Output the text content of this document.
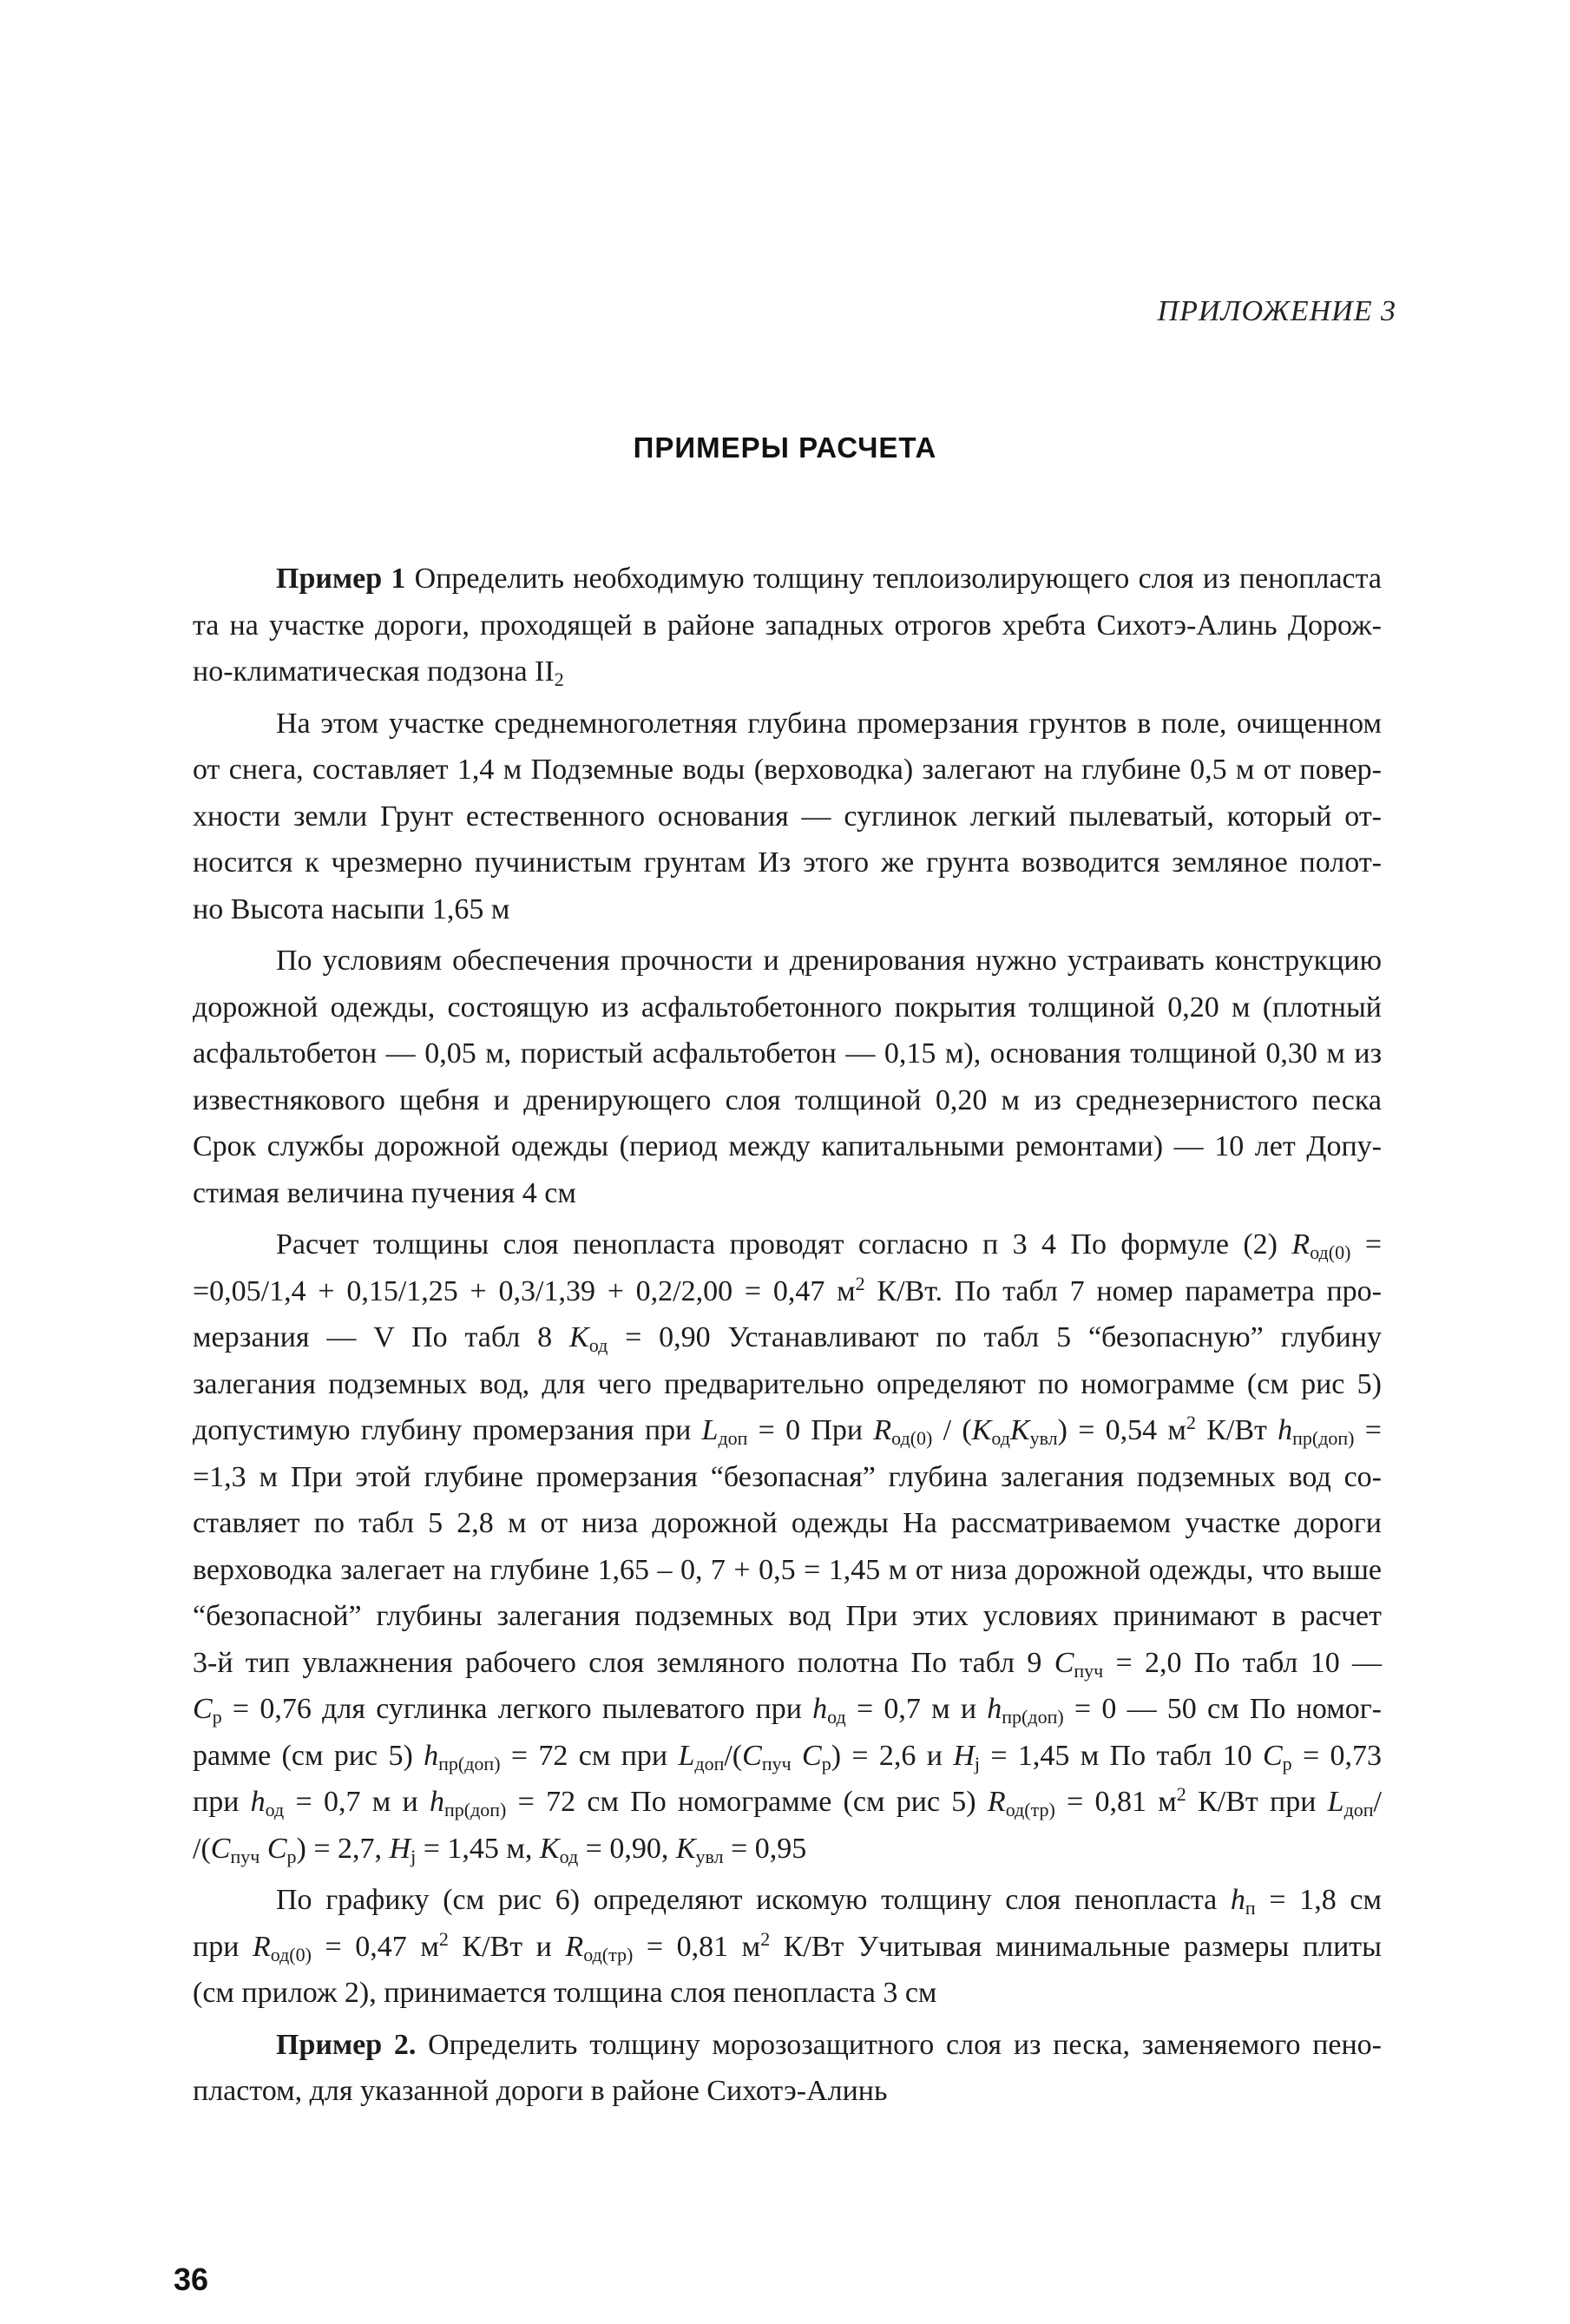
ПРИЛОЖЕНИЕ 3
ПРИМЕРЫ РАСЧЕТА
Пример 1 Определить необходимую толщину теплоизолирующего слоя из пенопласта
та на участке дороги, проходящей в районе западных отрогов хребта Сихотэ-Алинь Дорож-
но-климатическая подзона $II_2$
На этом участке среднемноголетняя глубина промерзания грунтов в поле, очищенном
от снега, составляет 1,4 м Подземные воды (верховодка) залегают на глубине 0,5 м от повер-
хности земли Грунт естественного основания — суглинок легкий пылеватый, который от-
носится к чрезмерно пучинистым грунтам Из этого же грунта возводится земляное полот-
но Высота насыпи 1,65 м
По условиям обеспечения прочности и дренирования нужно устраивать конструкцию
дорожной одежды, состоящую из асфальтобетонного покрытия толщиной 0,20 м (плотный
асфальтобетон — 0,05 м, пористый асфальтобетон — 0,15 м), основания толщиной 0,30 м из
известнякового щебня и дренирующего слоя толщиной 0,20 м из среднезернистого песка
Срок службы дорожной одежды (период между капитальными ремонтами) — 10 лет Допу-
стимая величина пучения 4 см
Расчет толщины слоя пенопласта проводят согласно п 3 4 По формуле (2) $R_{од(0)}$ =
=0,05/1,4 + 0,15/1,25 + 0,3/1,39 + 0,2/2,00 = 0,47 $м^2$ К/Вт. По табл 7 номер параметра про-
мерзания — V По табл 8 $K_{од} = 0,90$ Устанавливают по табл 5 “безопасную” глубину
залегания подземных вод, для чего предварительно определяют по номограмме (см рис 5)
допустимую глубину промерзания при $L_{доп} = 0$ При $R_{од(0)} / (K_{од}K_{увл}) = 0,54$ $м^2$ К/Вт $h_{пр(доп)}$ =
=1,3 м При этой глубине промерзания “безопасная” глубина залегания подземных вод со-
ставляет по табл 5 2,8 м от низа дорожной одежды На рассматриваемом участке дороги
верховодка залегает на глубине 1,65 – 0, 7 + 0,5 = 1,45 м от низа дорожной одежды, что выше
“безопасной” глубины залегания подземных вод При этих условиях принимают в расчет
3-й тип увлажнения рабочего слоя земляного полотна По табл 9 $C_{пуч} = 2,0$ По табл 10 —
$C_р = 0,76$ для суглинка легкого пылеватого при $h_{од} = 0,7$ м и $h_{пр(доп)} = 0$ — 50 см По номог-
рамме (см рис 5) $h_{пр(доп)} = 72$ см при $L_{доп}/(C_{пуч}$ $C_р) = 2,6$ и $H_j = 1,45$ м По табл 10 $C_р = 0,73$
при $h_{од} = 0,7$ м и $h_{пр(доп)} = 72$ см По номограмме (см рис 5) $R_{од(тр)} = 0,81$ $м^2$ К/Вт при $L_{доп}/$
$/(C_{пуч}$ $C_р) = 2,7$, $H_j = 1,45$ м, $K_{од} = 0,90$, $K_{увл} = 0,95$
По графику (см рис 6) определяют искомую толщину слоя пенопласта $h_п = 1,8$ см
при $R_{од(0)} = 0,47$ $м^2$ К/Вт и $R_{од(тр)} = 0,81$ $м^2$ К/Вт Учитывая минимальные размеры плиты
(см прилож 2), принимается толщина слоя пенопласта 3 см
Пример 2. Определить толщину морозозащитного слоя из песка, заменяемого пено-
пластом, для указанной дороги в районе Сихотэ-Алинь
36
